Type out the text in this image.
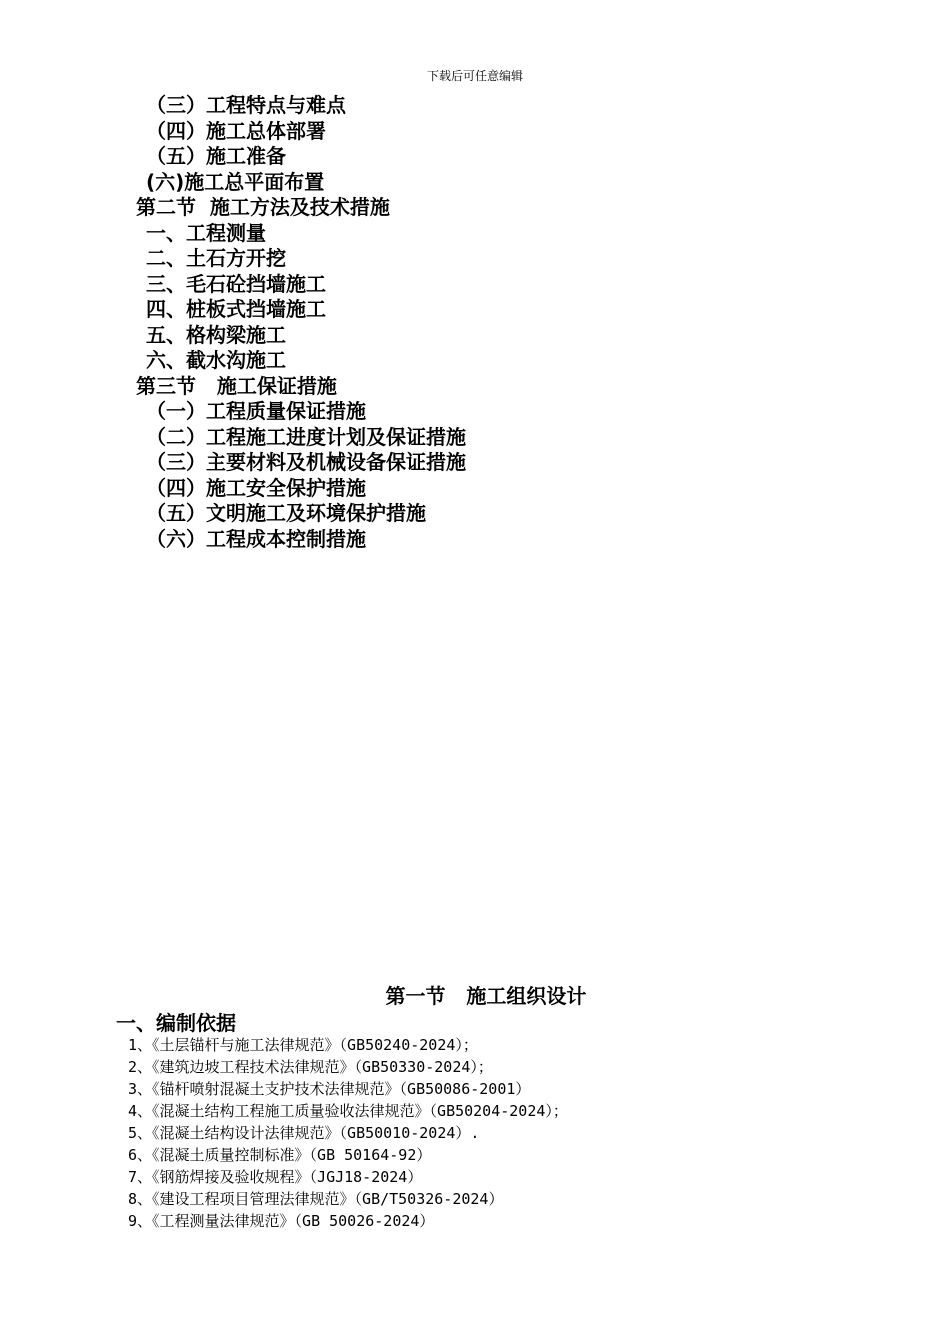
下载后可任意编辑
（三）工程特点与难点
（四）施工总体部署
（五）施工准备
(六)施工总平面布置
第二节  施工方法及技术措施
一、工程测量
二、土石方开挖
三、毛石砼挡墙施工
四、桩板式挡墙施工
五、格构梁施工
六、截水沟施工
第三节   施工保证措施
（一）工程质量保证措施
（二）工程施工进度计划及保证措施
（三）主要材料及机械设备保证措施
（四）施工安全保护措施
（五）文明施工及环境保护措施
（六）工程成本控制措施
第一节   施工组织设计
一、编制依据
1、《土层锚杆与施工法律规范》（GB50240-2024）；
2、《建筑边坡工程技术法律规范》（GB50330-2024）；
3、《锚杆喷射混凝土支护技术法律规范》（GB50086-2001）
4、《混凝土结构工程施工质量验收法律规范》（GB50204-2024）；
5、《混凝土结构设计法律规范》（GB50010-2024）.
6、《混凝土质量控制标准》（GB 50164-92）
7、《钢筋焊接及验收规程》（JGJ18-2024）
8、《建设工程项目管理法律规范》（GB/T50326-2024）
9、《工程测量法律规范》（GB 50026-2024）
